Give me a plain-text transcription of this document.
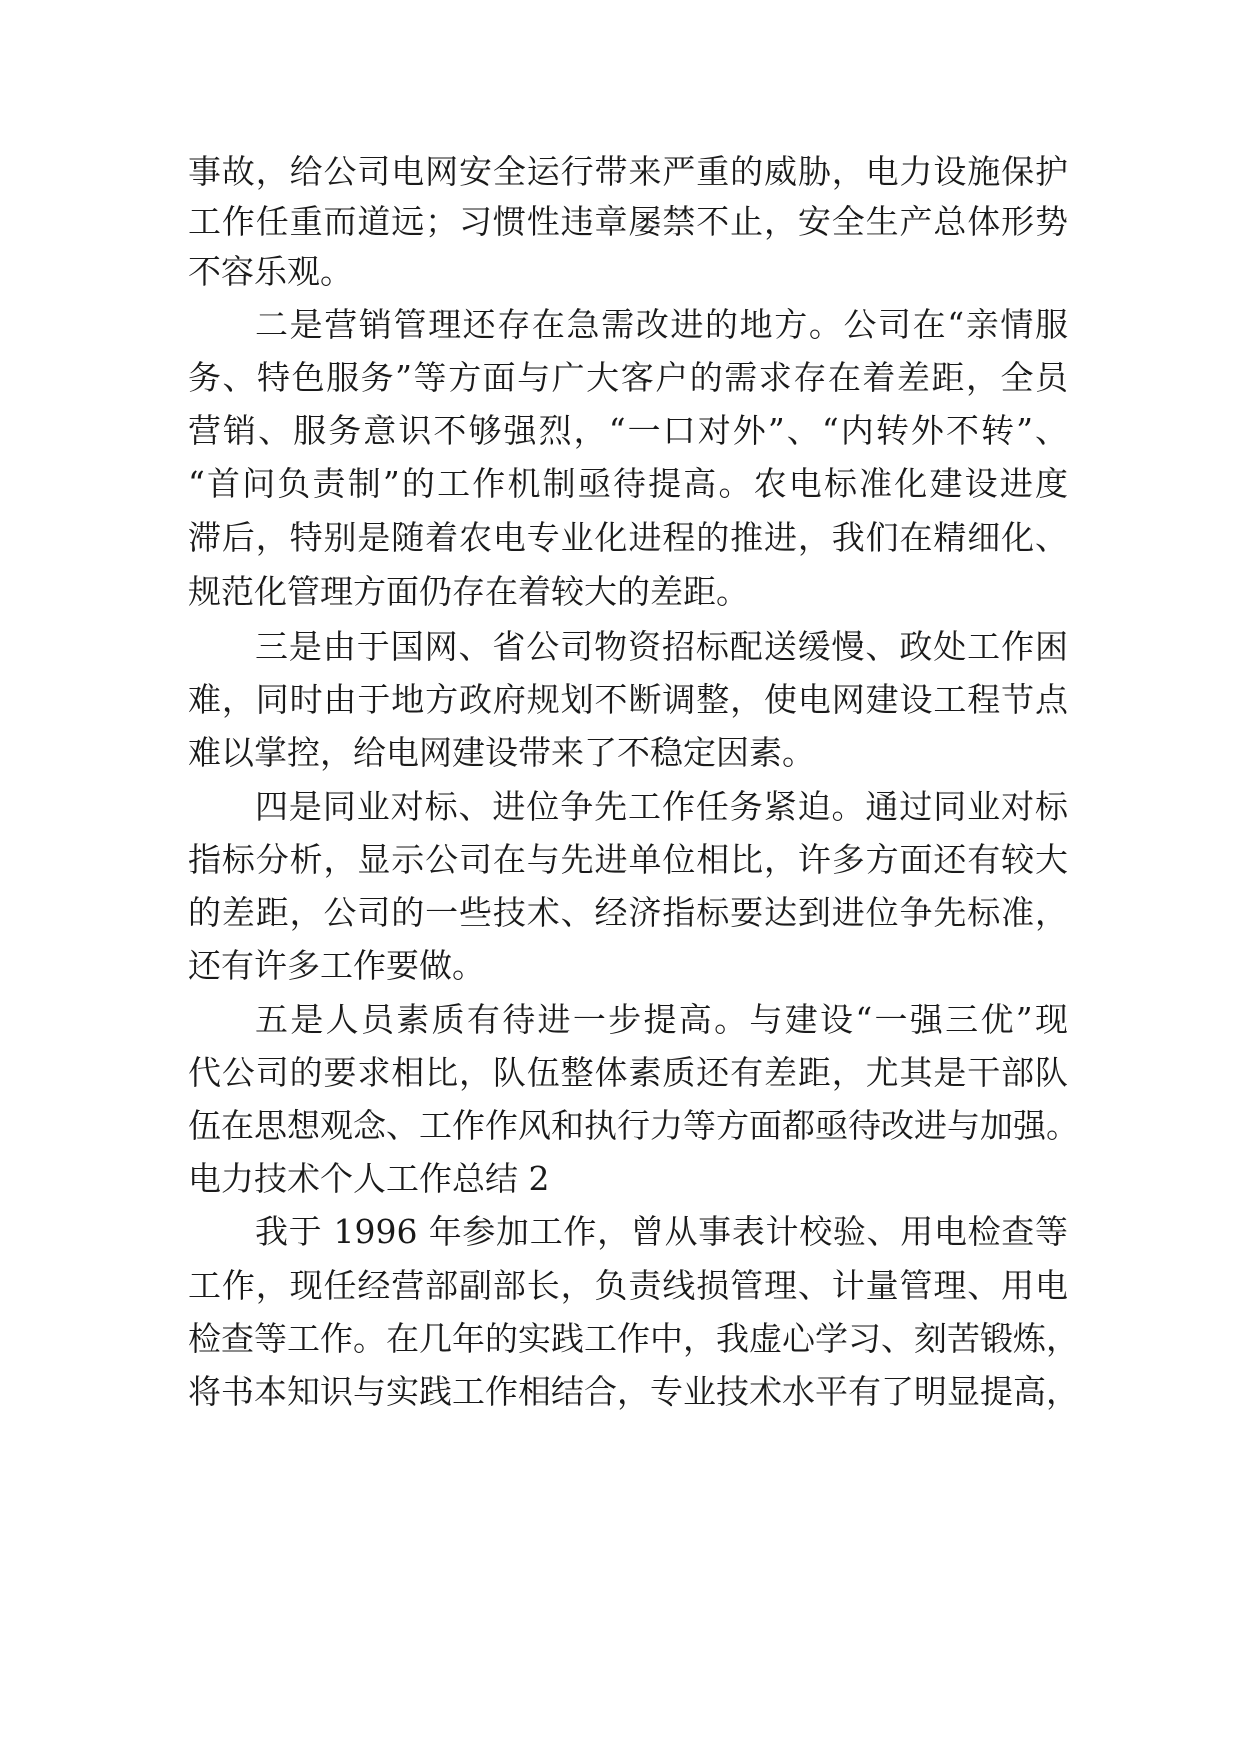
事故，给公司电网安全运行带来严重的威胁，电力设施保护
工作任重而道远；习惯性违章屡禁不止，安全生产总体形势
不容乐观。
二是营销管理还存在急需改进的地方。公司在“亲情服
务、特色服务”等方面与广大客户的需求存在着差距，全员
营销、服务意识不够强烈，“一口对外”、“内转外不转”、
“首问负责制”的工作机制亟待提高。农电标准化建设进度
滞后，特别是随着农电专业化进程的推进，我们在精细化、
规范化管理方面仍存在着较大的差距。
三是由于国网、省公司物资招标配送缓慢、政处工作困
难，同时由于地方政府规划不断调整，使电网建设工程节点
难以掌控，给电网建设带来了不稳定因素。
四是同业对标、进位争先工作任务紧迫。通过同业对标
指标分析，显示公司在与先进单位相比，许多方面还有较大
的差距，公司的一些技术、经济指标要达到进位争先标准，
还有许多工作要做。
五是人员素质有待进一步提高。与建设“一强三优”现
代公司的要求相比，队伍整体素质还有差距，尤其是干部队
伍在思想观念、工作作风和执行力等方面都亟待改进与加强。
电力技术个人工作总结 2
我于 1996 年参加工作，曾从事表计校验、用电检查等
工作，现任经营部副部长，负责线损管理、计量管理、用电
检查等工作。在几年的实践工作中，我虚心学习、刻苦锻炼，
将书本知识与实践工作相结合，专业技术水平有了明显提高，
